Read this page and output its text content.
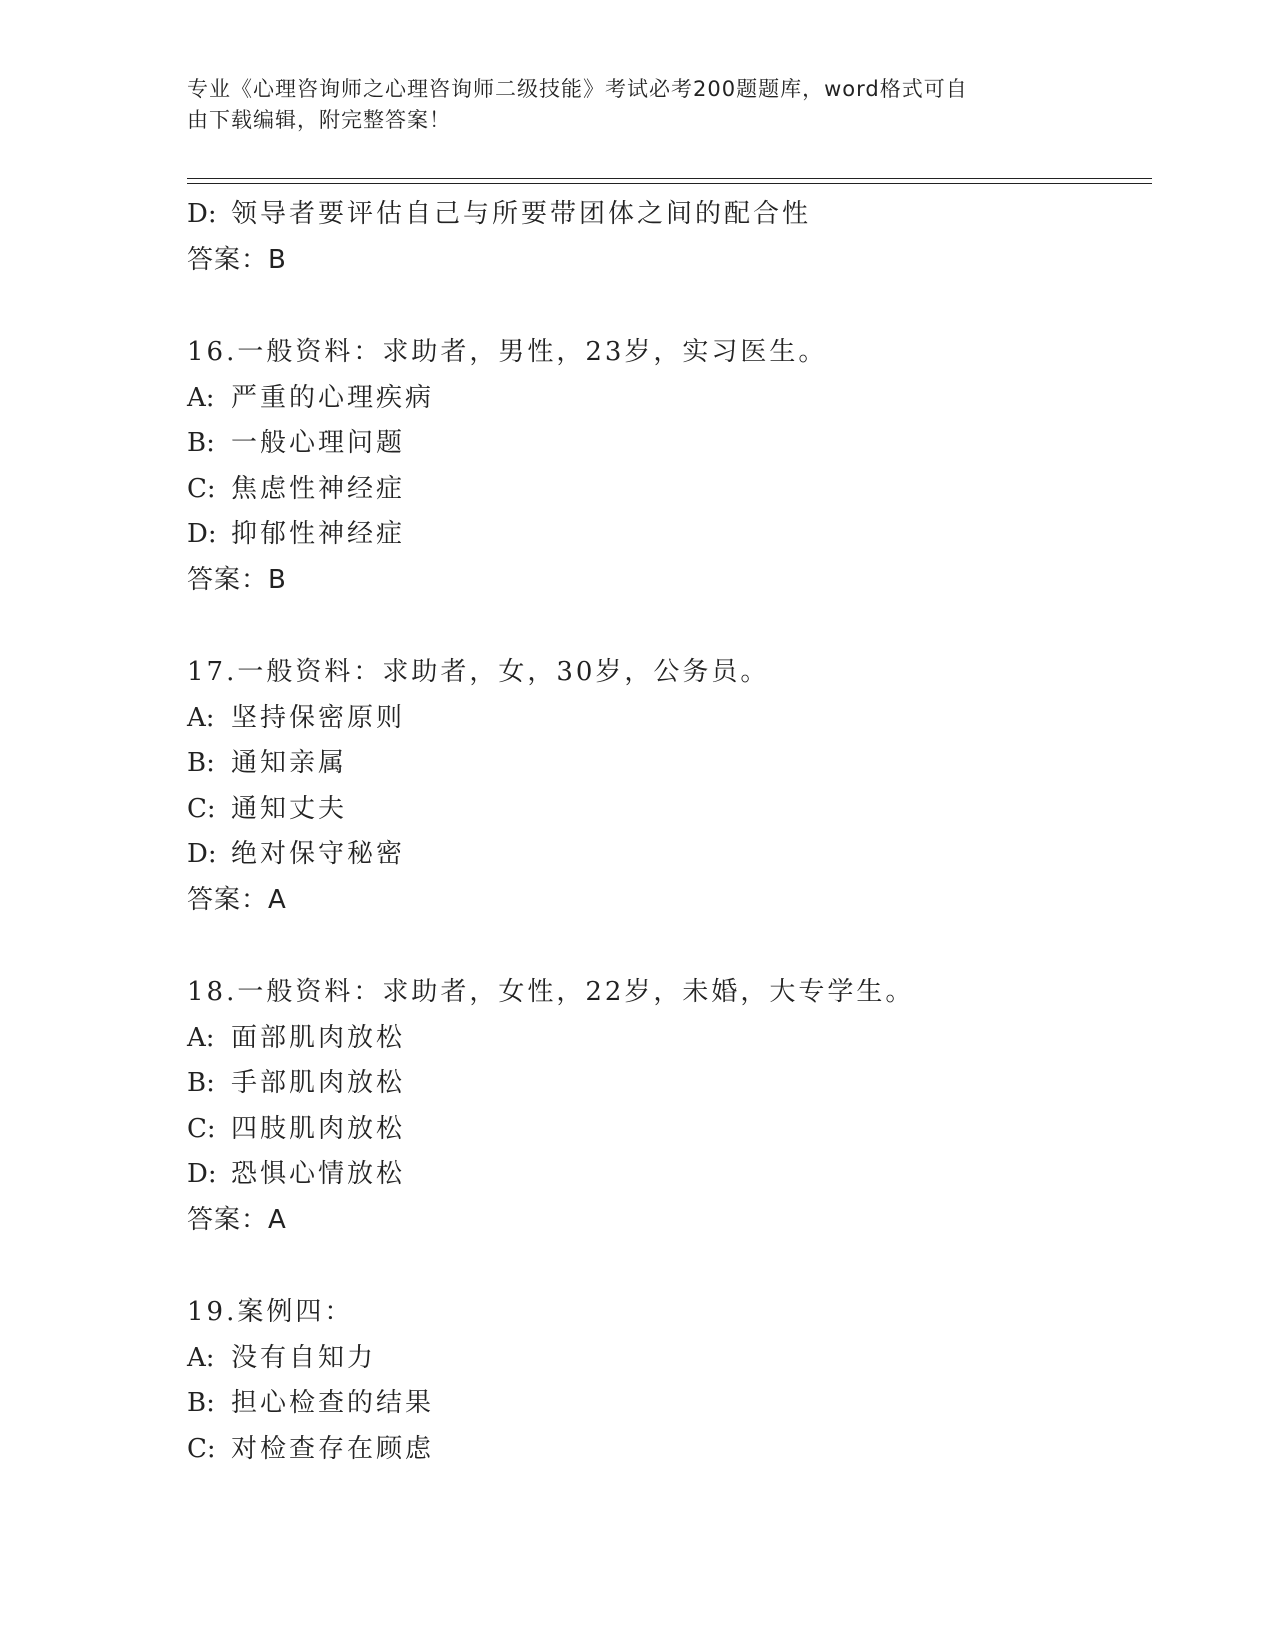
专业《心理咨询师之心理咨询师二级技能》考试必考200题题库，word格式可自
由下载编辑，附完整答案！
D: 领导者要评估自己与所要带团体之间的配合性
答案：B
16.一般资料：求助者，男性，23岁，实习医生。
A: 严重的心理疾病
B: 一般心理问题
C: 焦虑性神经症
D: 抑郁性神经症
答案：B
17.一般资料：求助者，女，30岁，公务员。
A: 坚持保密原则
B: 通知亲属
C: 通知丈夫
D: 绝对保守秘密
答案：A
18.一般资料：求助者，女性，22岁，未婚，大专学生。
A: 面部肌肉放松
B: 手部肌肉放松
C: 四肢肌肉放松
D: 恐惧心情放松
答案：A
19.案例四：
A: 没有自知力
B: 担心检查的结果
C: 对检查存在顾虑
